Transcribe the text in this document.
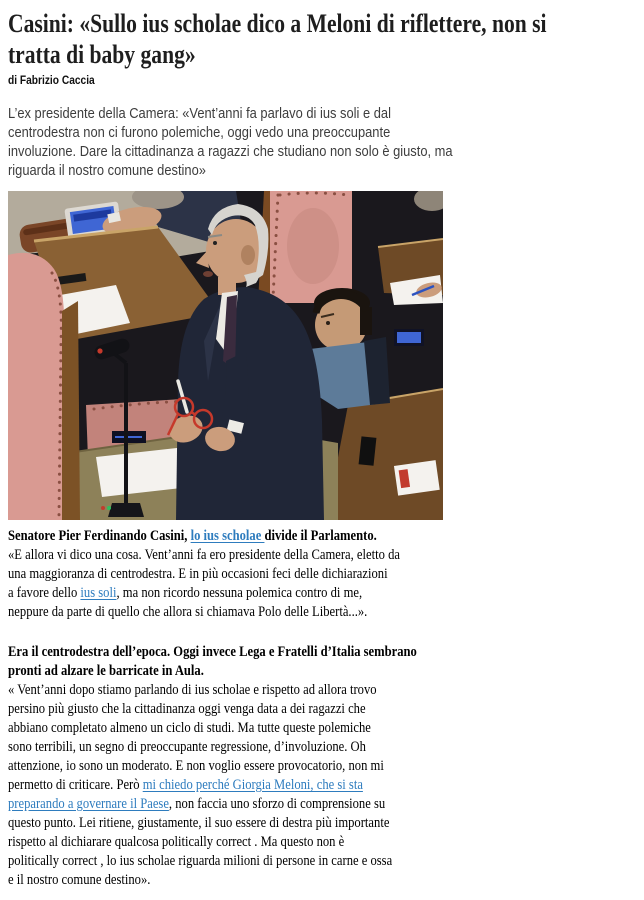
Casini: «Sullo ius scholae dico a Meloni di riflettere, non si
tratta di baby gang»
di Fabrizio Caccia
L’ex presidente della Camera: «Vent’anni fa parlavo di ius soli e dal
centrodestra non ci furono polemiche, oggi vedo una preoccupante
involuzione. Dare la cittadinanza a ragazzi che studiano non solo è giusto, ma
riguarda il nostro comune destino»

Senatore Pier Ferdinando Casini, lo ius scholae divide il Parlamento.
«E allora vi dico una cosa. Vent’anni fa ero presidente della Camera, eletto da
una maggioranza di centrodestra. E in più occasioni feci delle dichiarazioni
a favore dello ius soli, ma non ricordo nessuna polemica contro di me,
neppure da parte di quello che allora si chiamava Polo delle Libertà...».

Era il centrodestra dell’epoca. Oggi invece Lega e Fratelli d’Italia sembrano
pronti ad alzare le barricate in Aula.
« Vent’anni dopo stiamo parlando di ius scholae e rispetto ad allora trovo
persino più giusto che la cittadinanza oggi venga data a dei ragazzi che
abbiano completato almeno un ciclo di studi. Ma tutte queste polemiche
sono terribili, un segno di preoccupante regressione, d’involuzione. Oh
attenzione, io sono un moderato. E non voglio essere provocatorio, non mi
permetto di criticare. Però mi chiedo perché Giorgia Meloni, che si sta
preparando a governare il Paese, non faccia uno sforzo di comprensione su
questo punto. Lei ritiene, giustamente, il suo essere di destra più importante
rispetto al dichiarare qualcosa politically correct . Ma questo non è
politically correct , lo ius scholae riguarda milioni di persone in carne e ossa
e il nostro comune destino».
